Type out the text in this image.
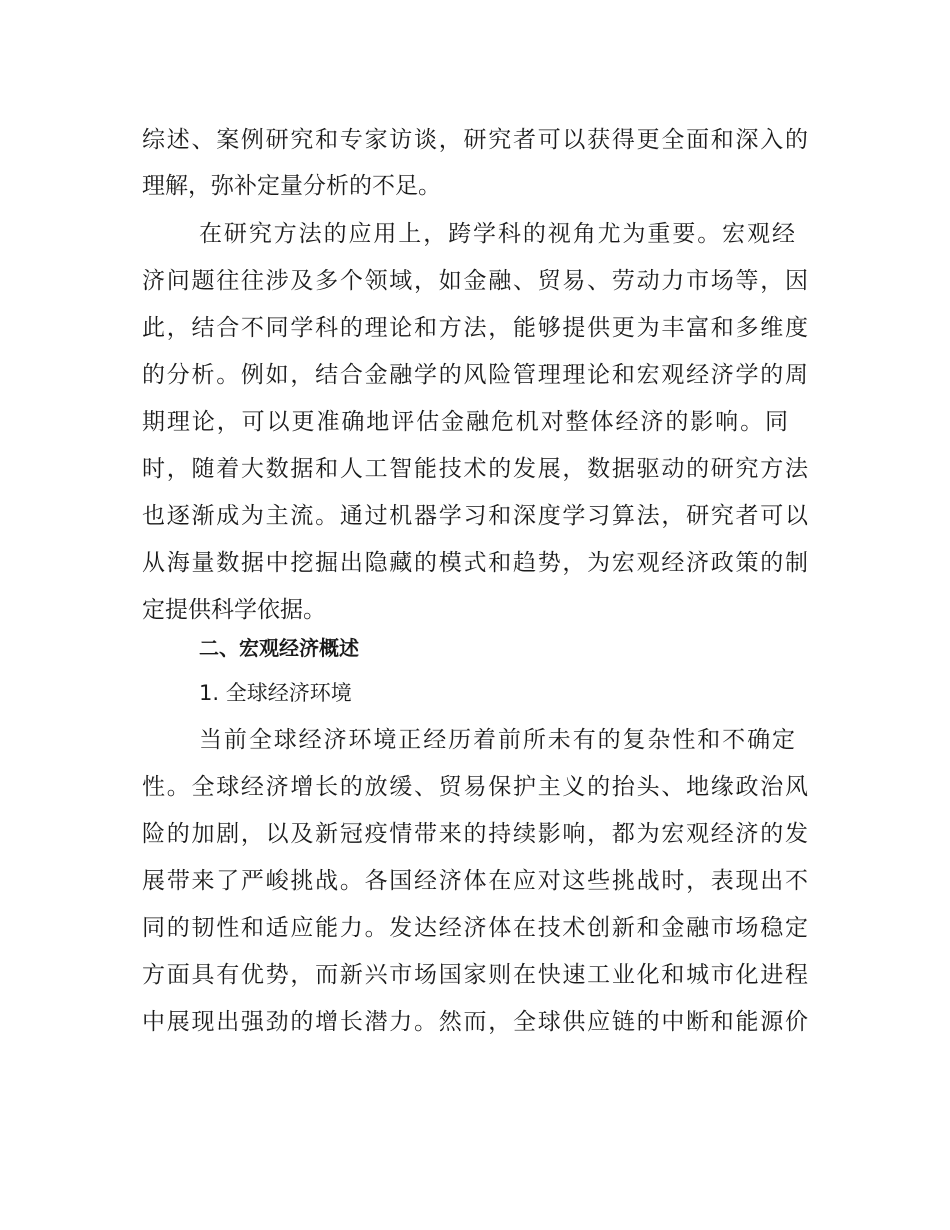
综述、案例研究和专家访谈，研究者可以获得更全面和深入的
理解，弥补定量分析的不足。
在研究方法的应用上，跨学科的视角尤为重要。宏观经
济问题往往涉及多个领域，如金融、贸易、劳动力市场等，因
此，结合不同学科的理论和方法，能够提供更为丰富和多维度
的分析。例如，结合金融学的风险管理理论和宏观经济学的周
期理论，可以更准确地评估金融危机对整体经济的影响。同
时，随着大数据和人工智能技术的发展，数据驱动的研究方法
也逐渐成为主流。通过机器学习和深度学习算法，研究者可以
从海量数据中挖掘出隐藏的模式和趋势，为宏观经济政策的制
定提供科学依据。
二、宏观经济概述
1. 全球经济环境
当前全球经济环境正经历着前所未有的复杂性和不确定
性。全球经济增长的放缓、贸易保护主义的抬头、地缘政治风
险的加剧，以及新冠疫情带来的持续影响，都为宏观经济的发
展带来了严峻挑战。各国经济体在应对这些挑战时，表现出不
同的韧性和适应能力。发达经济体在技术创新和金融市场稳定
方面具有优势，而新兴市场国家则在快速工业化和城市化进程
中展现出强劲的增长潜力。然而，全球供应链的中断和能源价
